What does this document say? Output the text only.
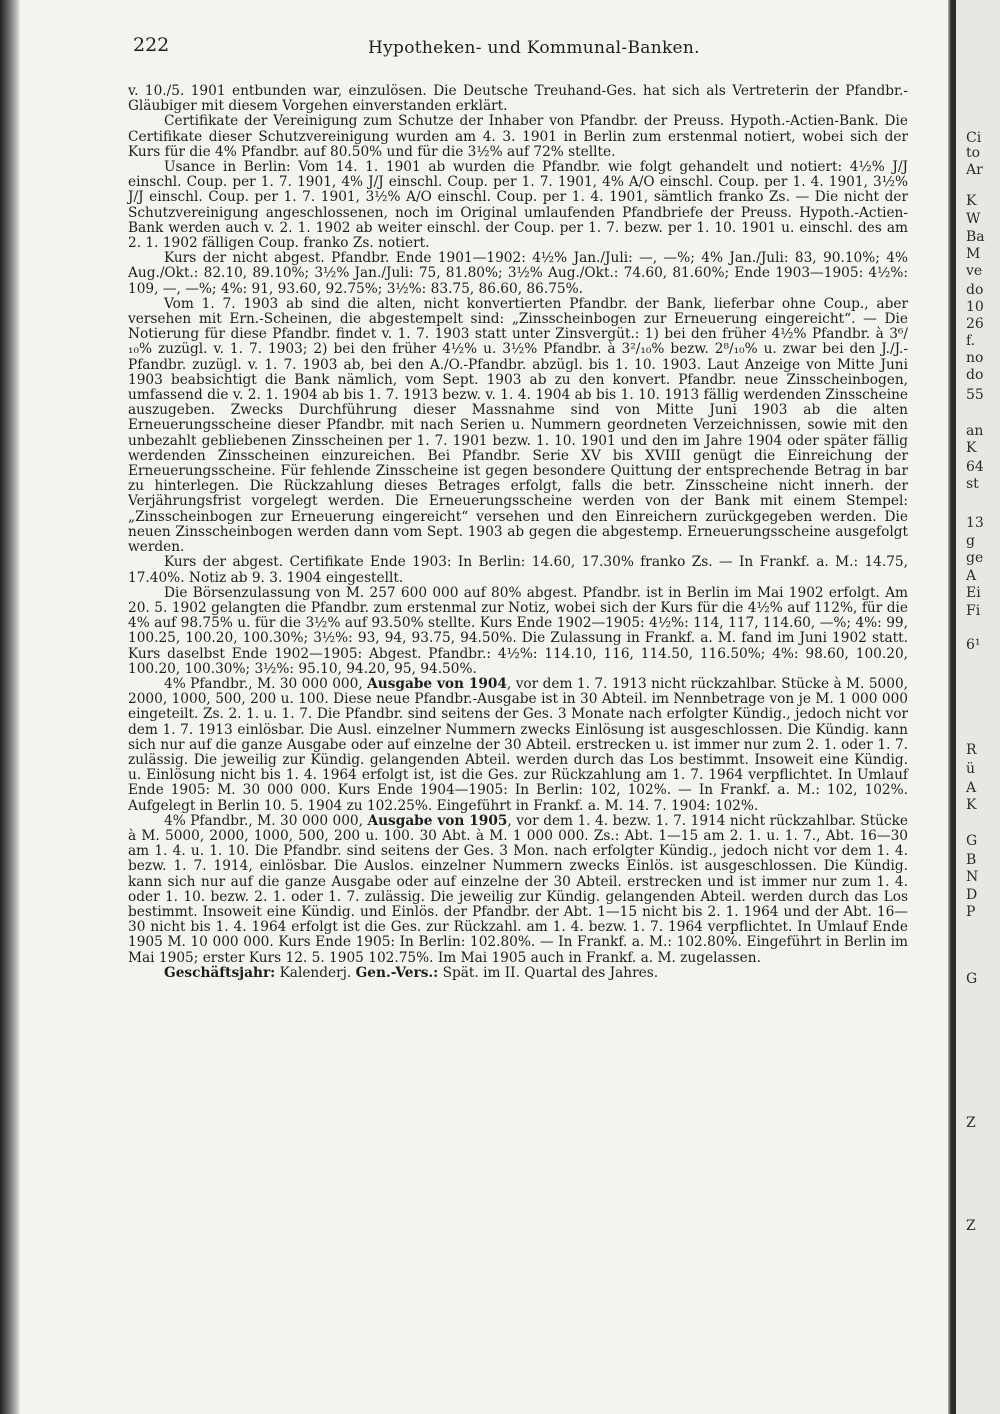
222	Hypotheken- und Kommunal-Banken.

v. 10./5. 1901 entbunden war, einzulösen. Die Deutsche Treuhand-Ges. hat sich als Vertreterin der Pfandbr.-Gläubiger mit diesem Vorgehen einverstanden erklärt.

Certifikate der Vereinigung zum Schutze der Inhaber von Pfandbr. der Preuss. Hypoth.-Actien-Bank. Die Certifikate dieser Schutzvereinigung wurden am 4. 3. 1901 in Berlin zum erstenmal notiert, wobei sich der Kurs für die 4% Pfandbr. auf 80.50% und für die 3½% auf 72% stellte.

Usance in Berlin: Vom 14. 1. 1901 ab wurden die Pfandbr. wie folgt gehandelt und notiert: 4½% J/J einschl. Coup. per 1. 7. 1901, 4% J/J einschl. Coup. per 1. 7. 1901, 4% A/O einschl. Coup. per 1. 4. 1901, 3½% J/J einschl. Coup. per 1. 7. 1901, 3½% A/O einschl. Coup. per 1. 4. 1901, sämtlich franko Zs. — Die nicht der Schutzvereinigung angeschlossenen, noch im Original umlaufenden Pfandbriefe der Preuss. Hypoth.-Actien-Bank werden auch v. 2. 1. 1902 ab weiter einschl. der Coup. per 1. 7. bezw. per 1. 10. 1901 u. einschl. des am 2. 1. 1902 fälligen Coup. franko Zs. notiert.

Kurs der nicht abgest. Pfandbr. Ende 1901—1902: 4½% Jan./Juli: —, —%; 4% Jan./Juli: 83, 90.10%; 4% Aug./Okt.: 82.10, 89.10%; 3½% Jan./Juli: 75, 81.80%; 3½% Aug./Okt.: 74.60, 81.60%; Ende 1903—1905: 4½%: 109, —, —%; 4%: 91, 93.60, 92.75%; 3½%: 83.75, 86.60, 86.75%.

Vom 1. 7. 1903 ab sind die alten, nicht konvertierten Pfandbr. der Bank, lieferbar ohne Coup., aber versehen mit Ern.-Scheinen, die abgestempelt sind: „Zinsscheinbogen zur Erneuerung eingereicht“. — Die Notierung für diese Pfandbr. findet v. 1. 7. 1903 statt unter Zinsvergüt.: 1) bei den früher 4½% Pfandbr. à 3⁶/₁₀% zuzügl. v. 1. 7. 1903; 2) bei den früher 4½% u. 3½% Pfandbr. à 3²/₁₀% bezw. 2⁸/₁₀% u. zwar bei den J./J.-Pfandbr. zuzügl. v. 1. 7. 1903 ab, bei den A./O.-Pfandbr. abzügl. bis 1. 10. 1903. Laut Anzeige von Mitte Juni 1903 beabsichtigt die Bank nämlich, vom Sept. 1903 ab zu den konvert. Pfandbr. neue Zinsscheinbogen, umfassend die v. 2. 1. 1904 ab bis 1. 7. 1913 bezw. v. 1. 4. 1904 ab bis 1. 10. 1913 fällig werdenden Zinsscheine auszugeben. Zwecks Durchführung dieser Massnahme sind von Mitte Juni 1903 ab die alten Erneuerungsscheine dieser Pfandbr. mit nach Serien u. Nummern geordneten Verzeichnissen, sowie mit den unbezahlt gebliebenen Zinsscheinen per 1. 7. 1901 bezw. 1. 10. 1901 und den im Jahre 1904 oder später fällig werdenden Zinsscheinen einzureichen. Bei Pfandbr. Serie XV bis XVIII genügt die Einreichung der Erneuerungsscheine. Für fehlende Zinsscheine ist gegen besondere Quittung der entsprechende Betrag in bar zu hinterlegen. Die Rückzahlung dieses Betrages erfolgt, falls die betr. Zinsscheine nicht innerh. der Verjährungsfrist vorgelegt werden. Die Erneuerungsscheine werden von der Bank mit einem Stempel: „Zinsscheinbogen zur Erneuerung eingereicht“ versehen und den Einreichern zurückgegeben werden. Die neuen Zinsscheinbogen werden dann vom Sept. 1903 ab gegen die abgestemp. Erneuerungsscheine ausgefolgt werden.

Kurs der abgest. Certifikate Ende 1903: In Berlin: 14.60, 17.30% franko Zs. — In Frankf. a. M.: 14.75, 17.40%. Notiz ab 9. 3. 1904 eingestellt.

Die Börsenzulassung von M. 257 600 000 auf 80% abgest. Pfandbr. ist in Berlin im Mai 1902 erfolgt. Am 20. 5. 1902 gelangten die Pfandbr. zum erstenmal zur Notiz, wobei sich der Kurs für die 4½% auf 112%, für die 4% auf 98.75% u. für die 3½% auf 93.50% stellte. Kurs Ende 1902—1905: 4½%: 114, 117, 114.60, —%; 4%: 99, 100.25, 100.20, 100.30%; 3½%: 93, 94, 93.75, 94.50%. Die Zulassung in Frankf. a. M. fand im Juni 1902 statt. Kurs daselbst Ende 1902—1905: Abgest. Pfandbr.: 4½%: 114.10, 116, 114.50, 116.50%; 4%: 98.60, 100.20, 100.20, 100.30%; 3½%: 95.10, 94.20, 95, 94.50%.

4% Pfandbr., M. 30 000 000, Ausgabe von 1904, vor dem 1. 7. 1913 nicht rückzahlbar. Stücke à M. 5000, 2000, 1000, 500, 200 u. 100. Diese neue Pfandbr.-Ausgabe ist in 30 Abteil. im Nennbetrage von je M. 1 000 000 eingeteilt. Zs. 2. 1. u. 1. 7. Die Pfandbr. sind seitens der Ges. 3 Monate nach erfolgter Kündig., jedoch nicht vor dem 1. 7. 1913 einlösbar. Die Ausl. einzelner Nummern zwecks Einlösung ist ausgeschlossen. Die Kündig. kann sich nur auf die ganze Ausgabe oder auf einzelne der 30 Abteil. erstrecken u. ist immer nur zum 2. 1. oder 1. 7. zulässig. Die jeweilig zur Kündig. gelangenden Abteil. werden durch das Los bestimmt. Insoweit eine Kündig. u. Einlösung nicht bis 1. 4. 1964 erfolgt ist, ist die Ges. zur Rückzahlung am 1. 7. 1964 verpflichtet. In Umlauf Ende 1905: M. 30 000 000. Kurs Ende 1904—1905: In Berlin: 102, 102%. — In Frankf. a. M.: 102, 102%. Aufgelegt in Berlin 10. 5. 1904 zu 102.25%. Eingeführt in Frankf. a. M. 14. 7. 1904: 102%.

4% Pfandbr., M. 30 000 000, Ausgabe von 1905, vor dem 1. 4. bezw. 1. 7. 1914 nicht rückzahlbar. Stücke à M. 5000, 2000, 1000, 500, 200 u. 100. 30 Abt. à M. 1 000 000. Zs.: Abt. 1—15 am 2. 1. u. 1. 7., Abt. 16—30 am 1. 4. u. 1. 10. Die Pfandbr. sind seitens der Ges. 3 Mon. nach erfolgter Kündig., jedoch nicht vor dem 1. 4. bezw. 1. 7. 1914, einlösbar. Die Auslos. einzelner Nummern zwecks Einlös. ist ausgeschlossen. Die Kündig. kann sich nur auf die ganze Ausgabe oder auf einzelne der 30 Abteil. erstrecken und ist immer nur zum 1. 4. oder 1. 10. bezw. 2. 1. oder 1. 7. zulässig. Die jeweilig zur Kündig. gelangenden Abteil. werden durch das Los bestimmt. Insoweit eine Kündig. und Einlös. der Pfandbr. der Abt. 1—15 nicht bis 2. 1. 1964 und der Abt. 16—30 nicht bis 1. 4. 1964 erfolgt ist die Ges. zur Rückzahl. am 1. 4. bezw. 1. 7. 1964 verpflichtet. In Umlauf Ende 1905 M. 10 000 000. Kurs Ende 1905: In Berlin: 102.80%. — In Frankf. a. M.: 102.80%. Eingeführt in Berlin im Mai 1905; erster Kurs 12. 5. 1905 102.75%. Im Mai 1905 auch in Frankf. a. M. zugelassen.

Geschäftsjahr: Kalenderj. Gen.-Vers.: Spät. im II. Quartal des Jahres.

Ci
to
Ar
K
W
Ba
M
ve
do
10
26
f.
no
do
55
an
K
64
st
13
g
ge
A
Ei
Fi
6¹
R
ü
A
K
G
B
N
D
P
G
Z
Z
